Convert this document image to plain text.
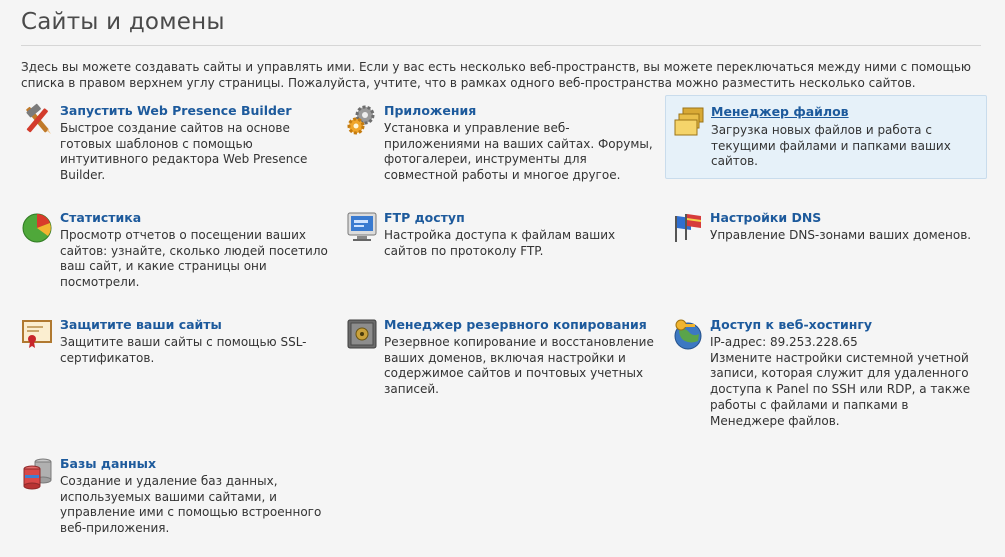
Сайты и домены
Здесь вы можете создавать сайты и управлять ими. Если у вас есть несколько веб-пространств, вы можете переключаться между ними с помощью списка в правом верхнем углу страницы. Пожалуйста, учтите, что в рамках одного веб-пространства можно разместить несколько сайтов.
Запустить Web Presence Builder
Быстрое создание сайтов на основе готовых шаблонов с помощью интуитивного редактора Web Presence Builder.
Приложения
Установка и управление веб-приложениями на ваших сайтах. Форумы, фотогалереи, инструменты для совместной работы и многое другое.
Менеджер файлов
Загрузка новых файлов и работа с текущими файлами и папками ваших сайтов.
Статистика
Просмотр отчетов о посещении ваших сайтов: узнайте, сколько людей посетило ваш сайт, и какие страницы они посмотрели.
FTP доступ
Настройка доступа к файлам ваших сайтов по протоколу FTP.
Настройки DNS
Управление DNS-зонами ваших доменов.
Защитите ваши сайты
Защитите ваши сайты с помощью SSL-сертификатов.
Менеджер резервного копирования
Резервное копирование и восстановление ваших доменов, включая настройки и содержимое сайтов и почтовых учетных записей.
Доступ к веб-хостингу
IP-адрес: 89.253.228.65
Измените настройки системной учетной записи, которая служит для удаленного доступа к Panel по SSH или RDP, а также работы с файлами и папками в Менеджере файлов.
Базы данных
Создание и удаление баз данных, используемых вашими сайтами, и управление ими с помощью встроенного веб-приложения.
